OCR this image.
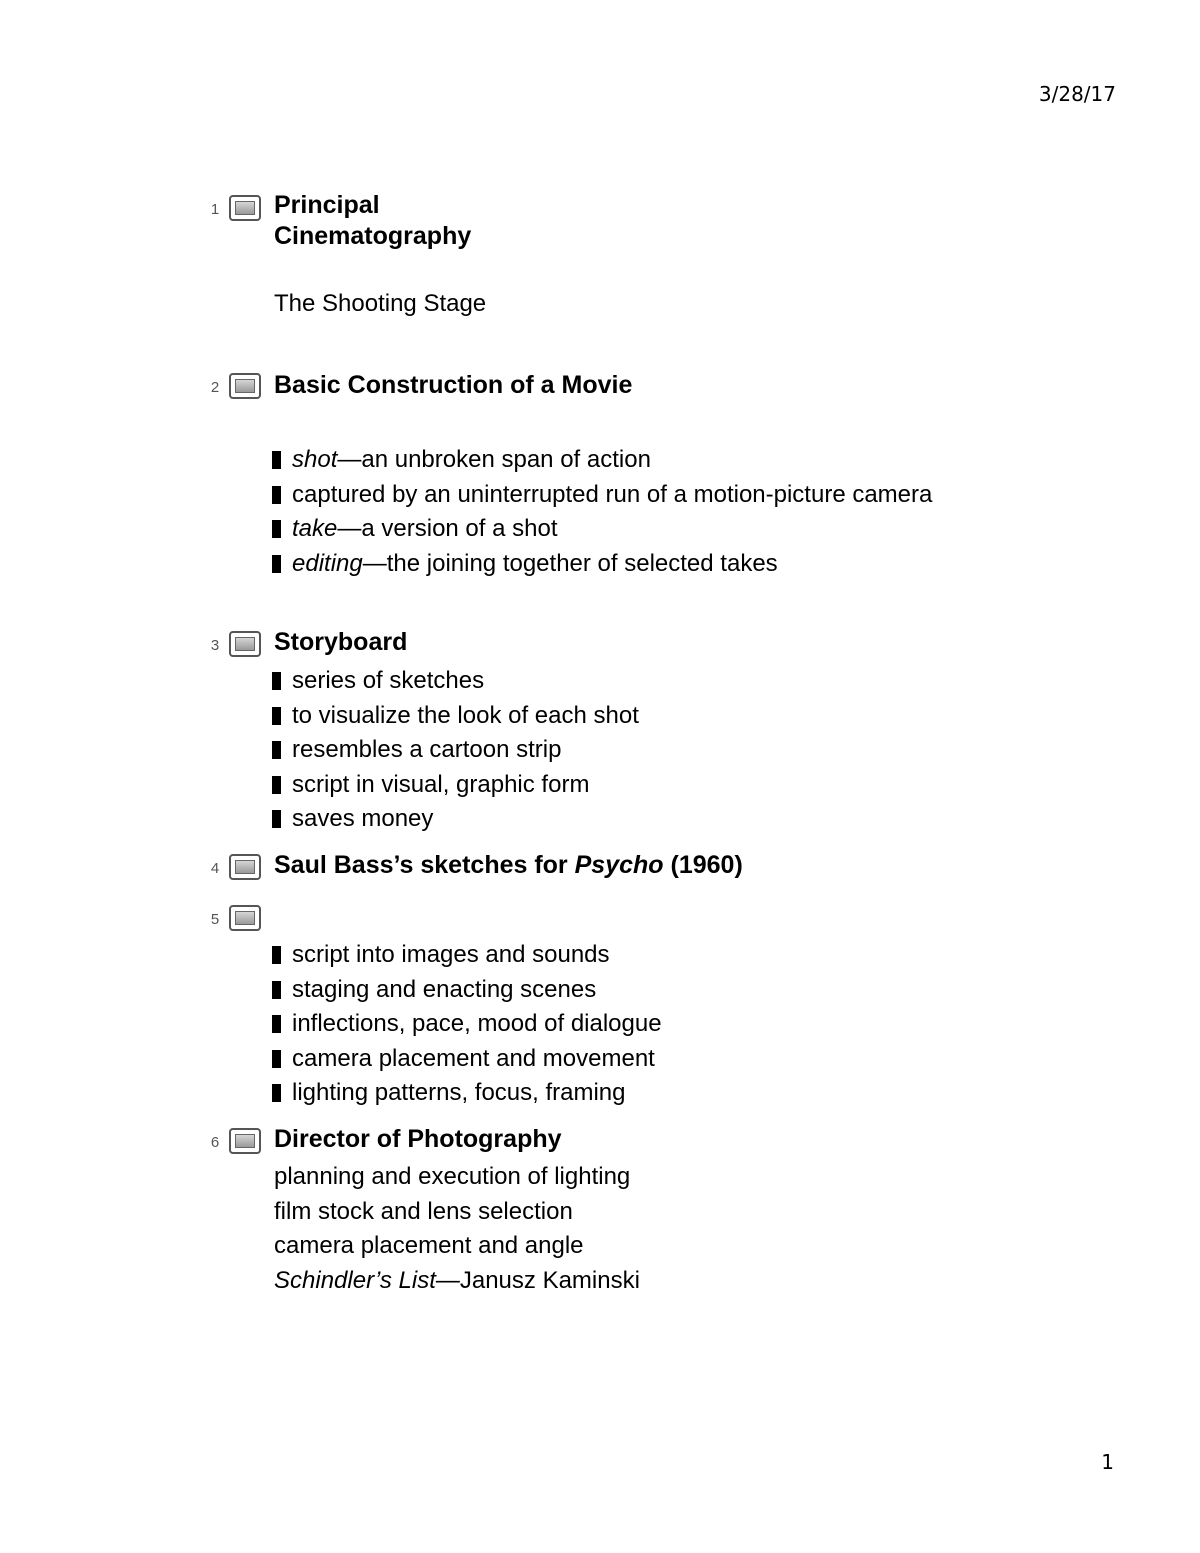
3/28/17
1 Principal
Cinematography
The Shooting Stage
2 Basic Construction of a Movie
shot—an unbroken span of action
captured by an uninterrupted run of a motion-picture camera
take—a version of a shot
editing—the joining together of selected takes
3 Storyboard
series of sketches
to visualize the look of each shot
resembles a cartoon strip
script in visual, graphic form
saves money
4 Saul Bass’s sketches for Psycho (1960)
5
script into images and sounds
staging and enacting scenes
inflections, pace, mood of dialogue
camera placement and movement
lighting patterns, focus, framing
6 Director of Photography
planning and execution of lighting
film stock and lens selection
camera placement and angle
Schindler’s List—Janusz Kaminski
1
